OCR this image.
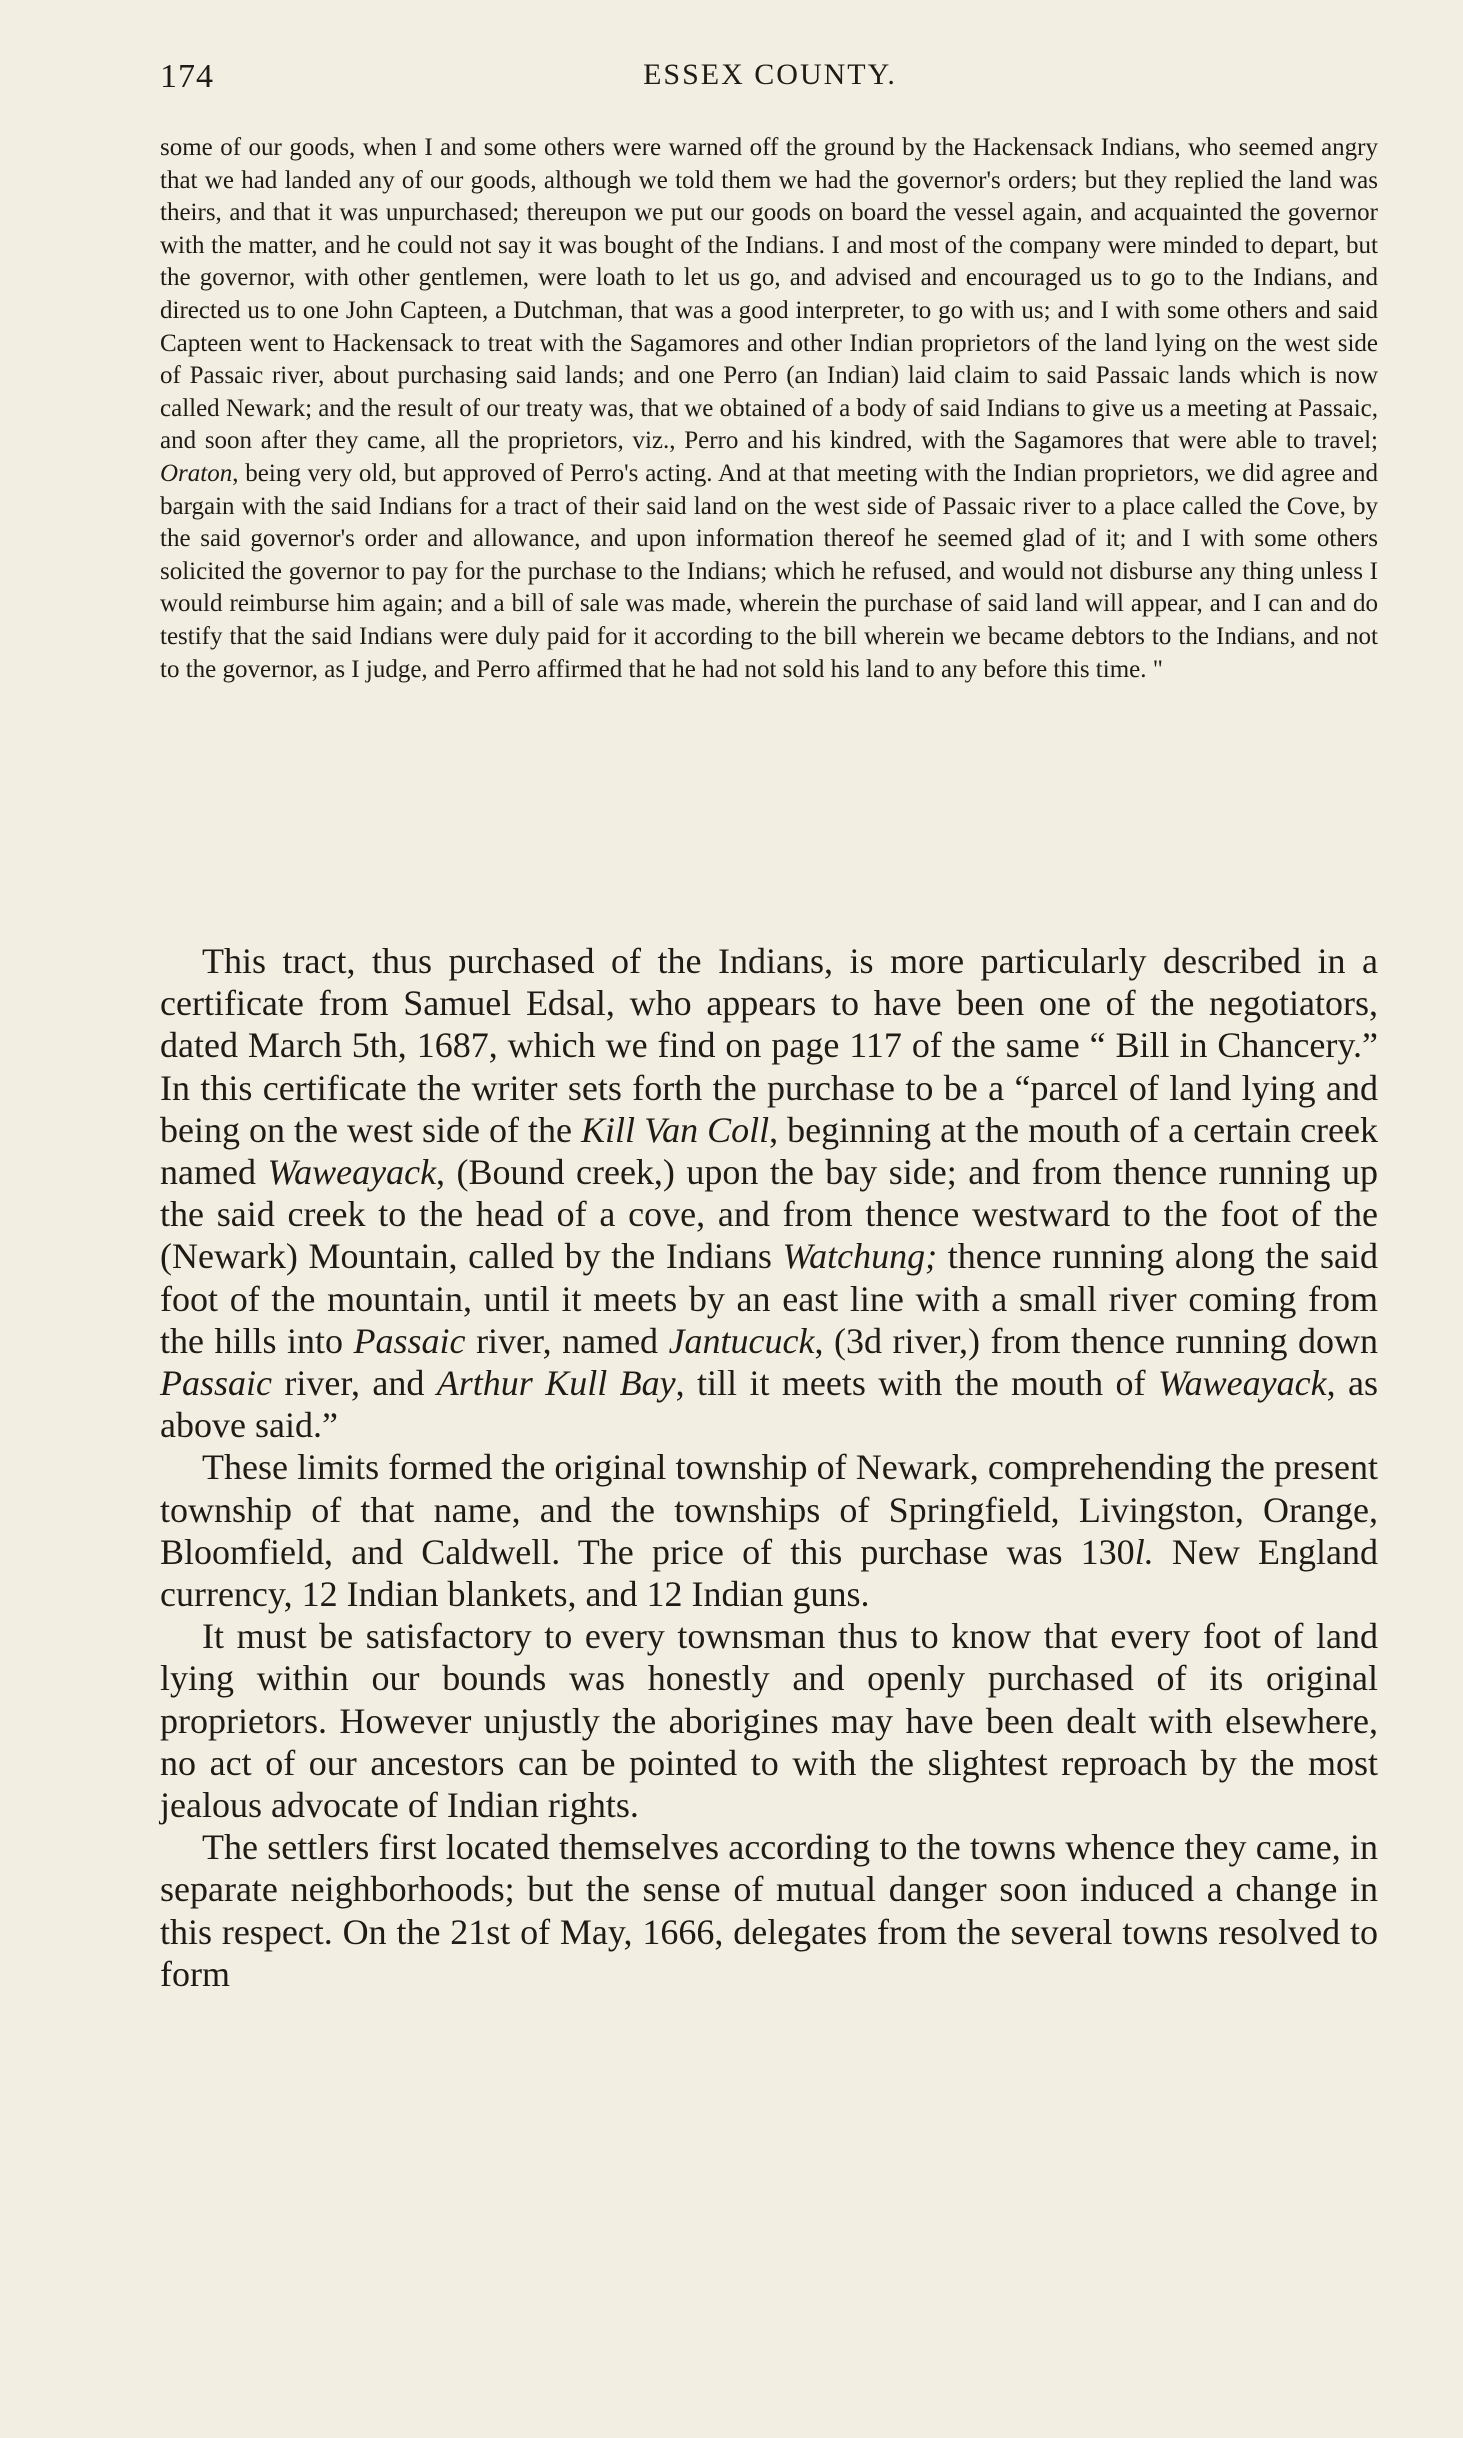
174	ESSEX COUNTY.

some of our goods, when I and some others were warned off the ground by the Hackensack Indians, who seemed angry that we had landed any of our goods, although we told them we had the governor's orders; but they replied the land was theirs, and that it was unpurchased; thereupon we put our goods on board the vessel again, and acquainted the governor with the matter, and he could not say it was bought of the Indians. I and most of the company were minded to depart, but the governor, with other gentlemen, were loath to let us go, and advised and encouraged us to go to the Indians, and directed us to one John Capteen, a Dutchman, that was a good interpreter, to go with us; and I with some others and said Capteen went to Hackensack to treat with the Sagamores and other Indian proprietors of the land lying on the west side of Passaic river, about purchasing said lands; and one Perro (an Indian) laid claim to said Passaic lands which is now called Newark; and the result of our treaty was, that we obtained of a body of said Indians to give us a meeting at Passaic, and soon after they came, all the proprietors, viz., Perro and his kindred, with the Sagamores that were able to travel; Oraton, being very old, but approved of Perro's acting. And at that meeting with the Indian proprietors, we did agree and bargain with the said Indians for a tract of their said land on the west side of Passaic river to a place called the Cove, by the said governor's order and allowance, and upon information thereof he seemed glad of it; and I with some others solicited the governor to pay for the purchase to the Indians; which he refused, and would not disburse any thing unless I would reimburse him again; and a bill of sale was made, wherein the purchase of said land will appear, and I can and do testify that the said Indians were duly paid for it according to the bill wherein we became debtors to the Indians, and not to the governor, as I judge, and Perro affirmed that he had not sold his land to any before this time. "

This tract, thus purchased of the Indians, is more particularly described in a certificate from Samuel Edsal, who appears to have been one of the negotiators, dated March 5th, 1687, which we find on page 117 of the same “ Bill in Chancery.” In this certificate the writer sets forth the purchase to be a “parcel of land lying and being on the west side of the Kill Van Coll, beginning at the mouth of a certain creek named Waweayack, (Bound creek,) upon the bay side; and from thence running up the said creek to the head of a cove, and from thence westward to the foot of the (Newark) Mountain, called by the Indians Watchung; thence running along the said foot of the mountain, until it meets by an east line with a small river coming from the hills into Passaic river, named Jantucuck, (3d river,) from thence running down Passaic river, and Arthur Kull Bay, till it meets with the mouth of Waweayack, as above said.”

These limits formed the original township of Newark, comprehending the present township of that name, and the townships of Springfield, Livingston, Orange, Bloomfield, and Caldwell. The price of this purchase was 130l. New England currency, 12 Indian blankets, and 12 Indian guns.

It must be satisfactory to every townsman thus to know that every foot of land lying within our bounds was honestly and openly purchased of its original proprietors. However unjustly the aborigines may have been dealt with elsewhere, no act of our ancestors can be pointed to with the slightest reproach by the most jealous advocate of Indian rights.

The settlers first located themselves according to the towns whence they came, in separate neighborhoods; but the sense of mutual danger soon induced a change in this respect. On the 21st of May, 1666, delegates from the several towns resolved to form
